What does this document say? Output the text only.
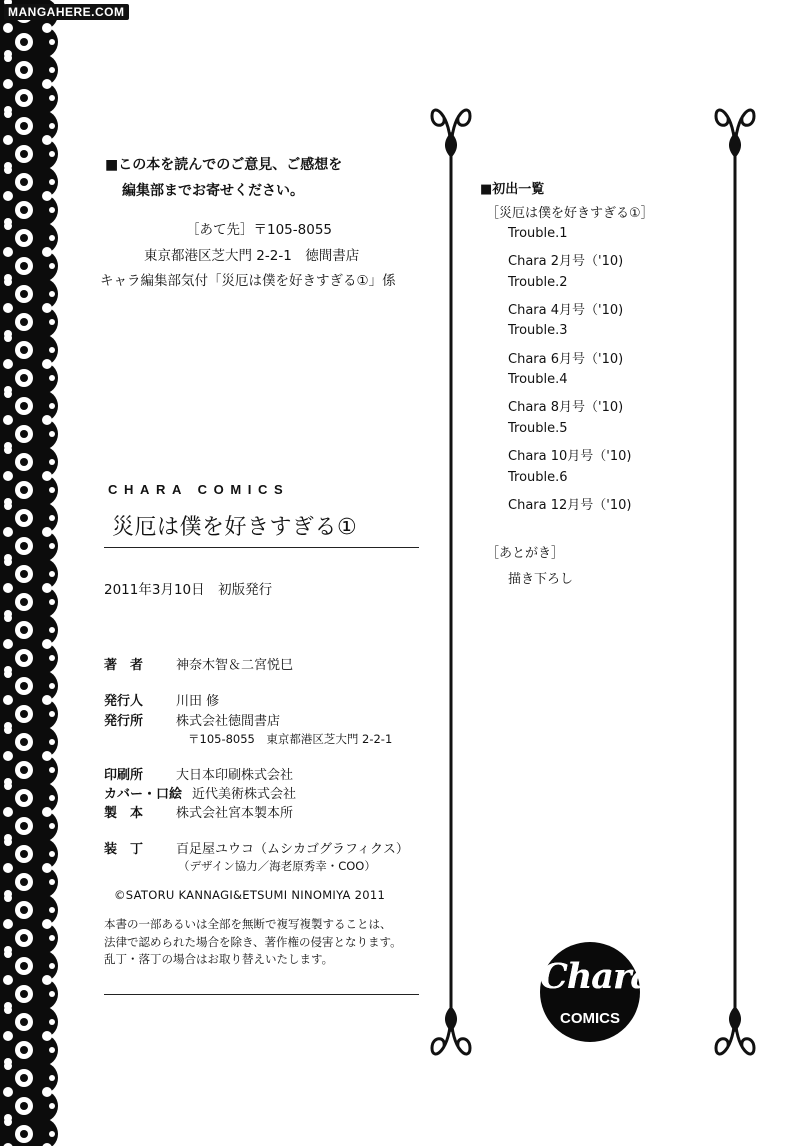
MANGAHERE.COM
■この本を読んでのご意見、ご感想を
編集部までお寄せください。
［あて先］〒105-8055
東京都港区芝大門 2-2-1　徳間書店
キャラ編集部気付「災厄は僕を好きすぎる①」係
CHARA COMICS
災厄は僕を好きすぎる①
2011年3月10日　初版発行
著　者	神奈木智＆二宮悦巳
発行人	川田 修
発行所	株式会社徳間書店
〒105-8055　東京都港区芝大門 2-2-1
印刷所	大日本印刷株式会社
カバー・口絵 近代美術株式会社
製　本	株式会社宮本製本所
装　丁	百足屋ユウコ（ムシカゴグラフィクス）
（デザイン協力／海老原秀幸・COO）
©SATORU KANNAGI&ETSUMI NINOMIYA 2011
本書の一部あるいは全部を無断で複写複製することは、
法律で認められた場合を除き、著作権の侵害となります。
乱丁・落丁の場合はお取り替えいたします。
■初出一覧
［災厄は僕を好きすぎる①］
Trouble.1
Chara 2月号（'10)
Trouble.2
Chara 4月号（'10)
Trouble.3
Chara 6月号（'10)
Trouble.4
Chara 8月号（'10)
Trouble.5
Chara 10月号（'10)
Trouble.6
Chara 12月号（'10)
［あとがき］
描き下ろし
Chara
COMICS
